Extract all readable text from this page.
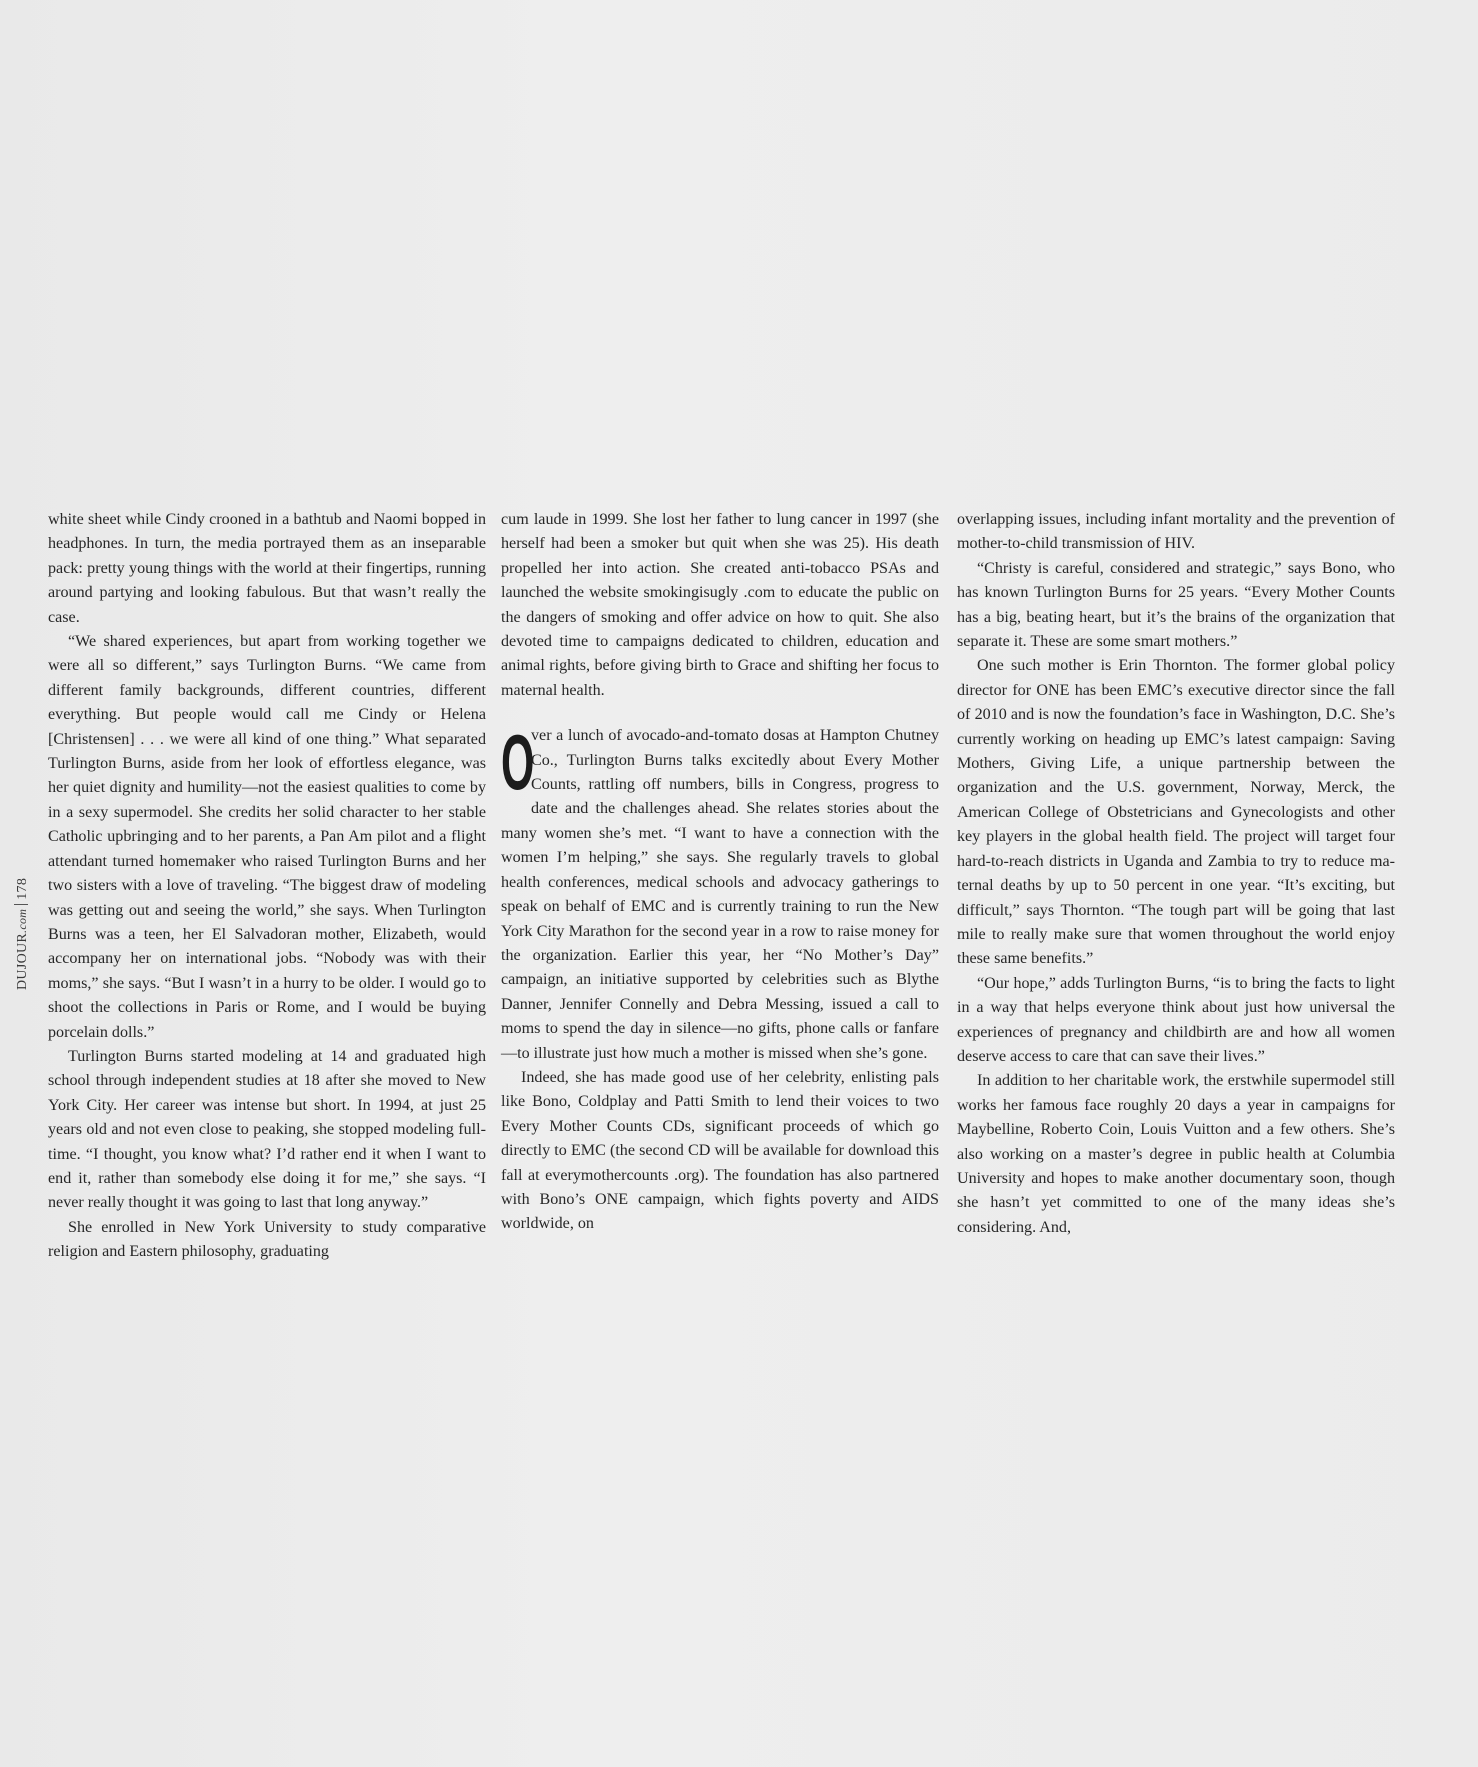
DUJOUR.com178

white sheet while Cindy crooned in a bathtub and Naomi bopped in headphones. In turn, the media portrayed them as an inseparable pack: pretty young things with the world at their fingertips, running around partying and looking fabulous. But that wasn’t really the case.

“We shared experiences, but apart from working together we were all so different,” says Turlington Burns. “We came from different family backgrounds, different countries, different everything. But people would call me Cindy or Helena [Christensen] . . . we were all kind of one thing.” What separated Turlington Burns, aside from her look of effortless elegance, was her quiet dignity and humility—not the easiest qualities to come by in a sexy supermodel. She credits her solid character to her stable Catholic upbringing and to her parents, a Pan Am pilot and a flight attendant turned homemaker who raised Turlington Burns and her two sisters with a love of traveling. “The biggest draw of modeling was getting out and seeing the world,” she says. When Turlington Burns was a teen, her El Salvadoran mother, Elizabeth, would accompany her on international jobs. “Nobody was with their moms,” she says. “But I wasn’t in a hurry to be older. I would go to shoot the collections in Paris or Rome, and I would be buying porcelain dolls.”

Turlington Burns started modeling at 14 and graduated high school through independent studies at 18 after she moved to New York City. Her career was intense but short. In 1994, at just 25 years old and not even close to peaking, she stopped modeling full-time. “I thought, you know what? I’d rather end it when I want to end it, rather than somebody else doing it for me,” she says. “I never really thought it was going to last that long anyway.”

She enrolled in New York University to study comparative religion and Eastern philosophy, graduating

cum laude in 1999. She lost her father to lung cancer in 1997 (she herself had been a smoker but quit when she was 25). His death propelled her into action. She created anti-tobacco PSAs and launched the website smokingisugly .com to educate the public on the dangers of smoking and offer advice on how to quit. She also devoted time to campaigns dedicated to children, education and animal rights, before giving birth to Grace and shifting her focus to maternal health.

O
ver a lunch of avocado-and-tomato dosas at Hampton Chutney Co., Turlington Burns talks excitedly about Every Mother Counts, rattling off numbers, bills in Congress, progress to date and the challenges ahead. She relates stories about the many women she’s met. “I want to have a connection with the women I’m helping,” she says. She regularly travels to global health conferences, medical schools and advocacy gatherings to speak on behalf of EMC and is currently training to run the New York City Marathon for the second year in a row to raise money for the organization. Earlier this year, her “No Mother’s Day” campaign, an initiative supported by celebrities such as Blythe Danner, Jennifer Connelly and Debra Messing, issued a call to moms to spend the day in silence—no gifts, phone calls or fanfare—to illustrate just how much a mother is missed when she’s gone.

Indeed, she has made good use of her celebrity, enlisting pals like Bono, Coldplay and Patti Smith to lend their voices to two Every Mother Counts CDs, significant proceeds of which go directly to EMC (the second CD will be available for download this fall at everymothercounts .org). The foundation has also partnered with Bono’s ONE campaign, which fights poverty and AIDS worldwide, on

overlapping issues, including infant mortality and the prevention of mother-to-child transmission of HIV.

“Christy is careful, considered and strategic,” says Bono, who has known Turlington Burns for 25 years. “Every Mother Counts has a big, beating heart, but it’s the brains of the organization that separate it. These are some smart mothers.”

One such mother is Erin Thornton. The former global policy director for ONE has been EMC’s executive director since the fall of 2010 and is now the foundation’s face in Washington, D.C. She’s currently working on heading up EMC’s latest campaign: Saving Mothers, Giving Life, a unique partnership between the organization and the U.S. government, Norway, Merck, the American College of Obstetricians and Gynecologists and other key players in the global health field. The project will target four hard-to-reach districts in Uganda and Zambia to try to reduce maternal deaths by up to 50 percent in one year. “It’s exciting, but difficult,” says Thornton. “The tough part will be going that last mile to really make sure that women throughout the world enjoy these same benefits.”

“Our hope,” adds Turlington Burns, “is to bring the facts to light in a way that helps everyone think about just how universal the experiences of pregnancy and childbirth are and how all women deserve access to care that can save their lives.”

In addition to her charitable work, the erstwhile supermodel still works her famous face roughly 20 days a year in campaigns for Maybelline, Roberto Coin, Louis Vuitton and a few others. She’s also working on a master’s degree in public health at Columbia University and hopes to make another documentary soon, though she hasn’t yet committed to one of the many ideas she’s considering. And,
